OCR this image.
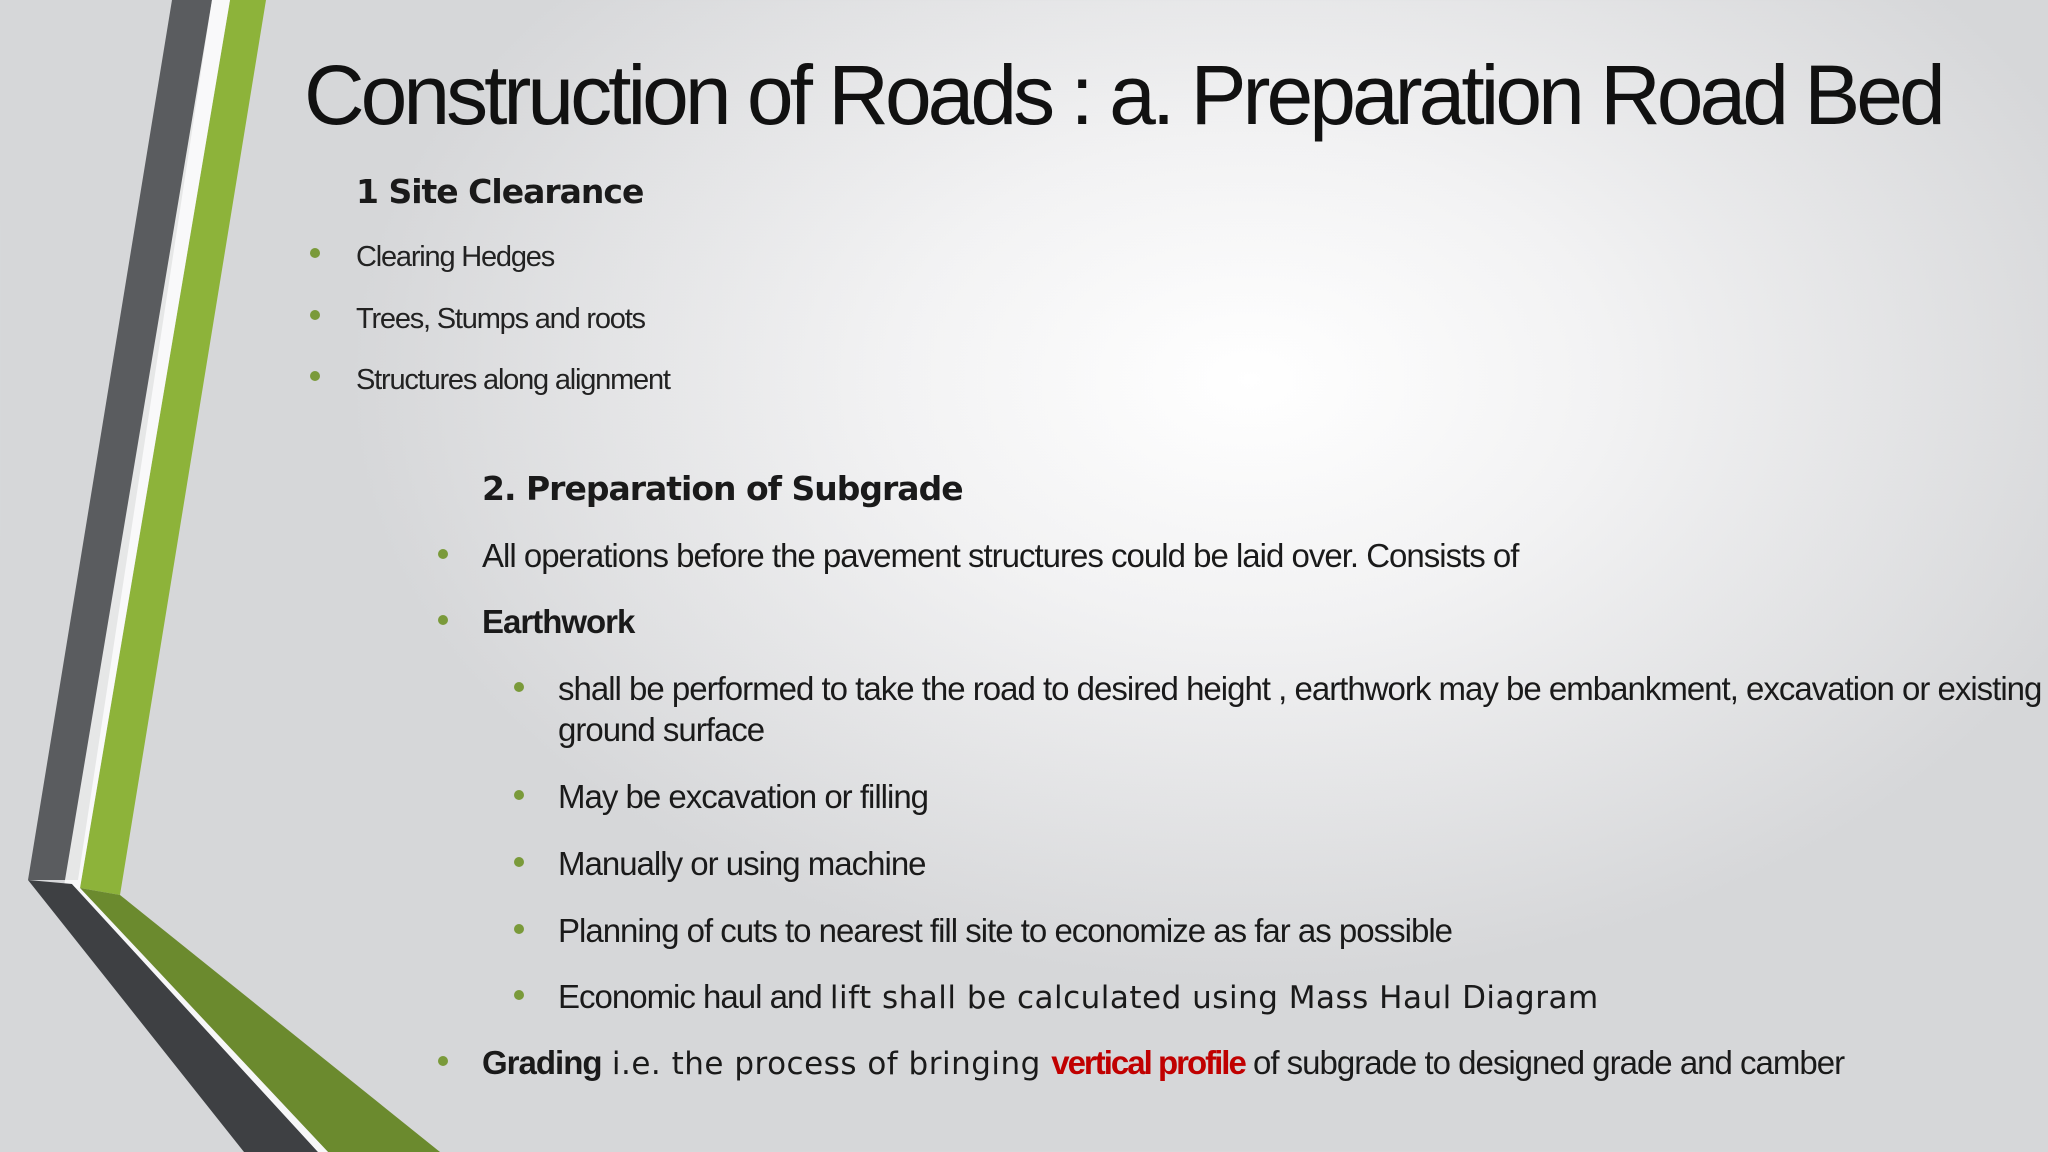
Construction of Roads : a. Preparation Road Bed
1 Site Clearance
Clearing Hedges
Trees, Stumps and roots
Structures along alignment
2. Preparation of Subgrade
All operations before the pavement structures could be laid over. Consists of
Earthwork
shall be performed to take the road to desired height , earthwork may be embankment, excavation or existing ground surface
May be excavation or filling
Manually or using machine
Planning of cuts to nearest fill site to economize as far as possible
Economic haul and lift shall be calculated using Mass Haul Diagram
Grading i.e. the process of bringing vertical profile of subgrade to designed grade and camber
